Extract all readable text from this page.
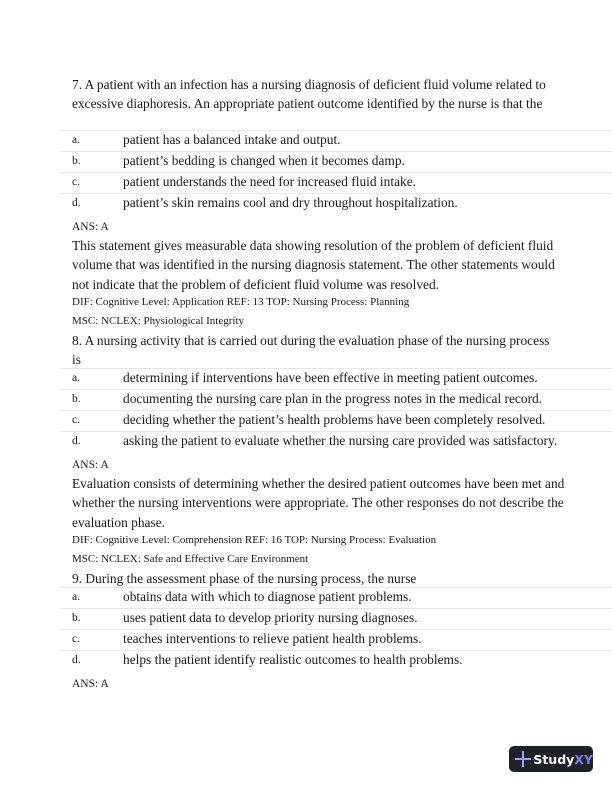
7. A patient with an infection has a nursing diagnosis of deficient fluid volume related to excessive diaphoresis. An appropriate patient outcome identified by the nurse is that the
a.	patient has a balanced intake and output.
b.	patient’s bedding is changed when it becomes damp.
c.	patient understands the need for increased fluid intake.
d.	patient’s skin remains cool and dry throughout hospitalization.
ANS: A
This statement gives measurable data showing resolution of the problem of deficient fluid volume that was identified in the nursing diagnosis statement. The other statements would not indicate that the problem of deficient fluid volume was resolved.
DIF: Cognitive Level: Application REF: 13 TOP: Nursing Process: Planning
MSC: NCLEX: Physiological Integrity
8. A nursing activity that is carried out during the evaluation phase of the nursing process is
a.	determining if interventions have been effective in meeting patient outcomes.
b.	documenting the nursing care plan in the progress notes in the medical record.
c.	deciding whether the patient’s health problems have been completely resolved.
d.	asking the patient to evaluate whether the nursing care provided was satisfactory.
ANS: A
Evaluation consists of determining whether the desired patient outcomes have been met and whether the nursing interventions were appropriate. The other responses do not describe the evaluation phase.
DIF: Cognitive Level: Comprehension REF: 16 TOP: Nursing Process: Evaluation
MSC: NCLEX: Safe and Effective Care Environment
9. During the assessment phase of the nursing process, the nurse
a.	obtains data with which to diagnose patient problems.
b.	uses patient data to develop priority nursing diagnoses.
c.	teaches interventions to relieve patient health problems.
d.	helps the patient identify realistic outcomes to health problems.
ANS: A
StudyXY
